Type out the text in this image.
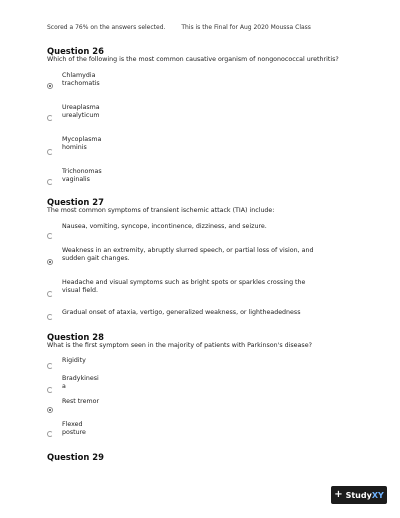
Scored a 76% on the answers selected.	This is the Final for Aug 2020 Moussa Class
Question 26
Which of the following is the most common causative organism of nongonococcal urethritis?
Chlamydia
trachomatis
Ureaplasma
urealyticum
Mycoplasma
hominis
Trichonomas
vaginalis
Question 27
The most common symptoms of transient ischemic attack (TIA) include:
Nausea, vomiting, syncope, incontinence, dizziness, and seizure.
Weakness in an extremity, abruptly slurred speech, or partial loss of vision, and
sudden gait changes.
Headache and visual symptoms such as bright spots or sparkles crossing the
visual field.
Gradual onset of ataxia, vertigo, generalized weakness, or lightheadedness
Question 28
What is the first symptom seen in the majority of patients with Parkinson's disease?
Rigidity
Bradykinesi
a
Rest tremor
Flexed
posture
Question 29
+ Study XY
